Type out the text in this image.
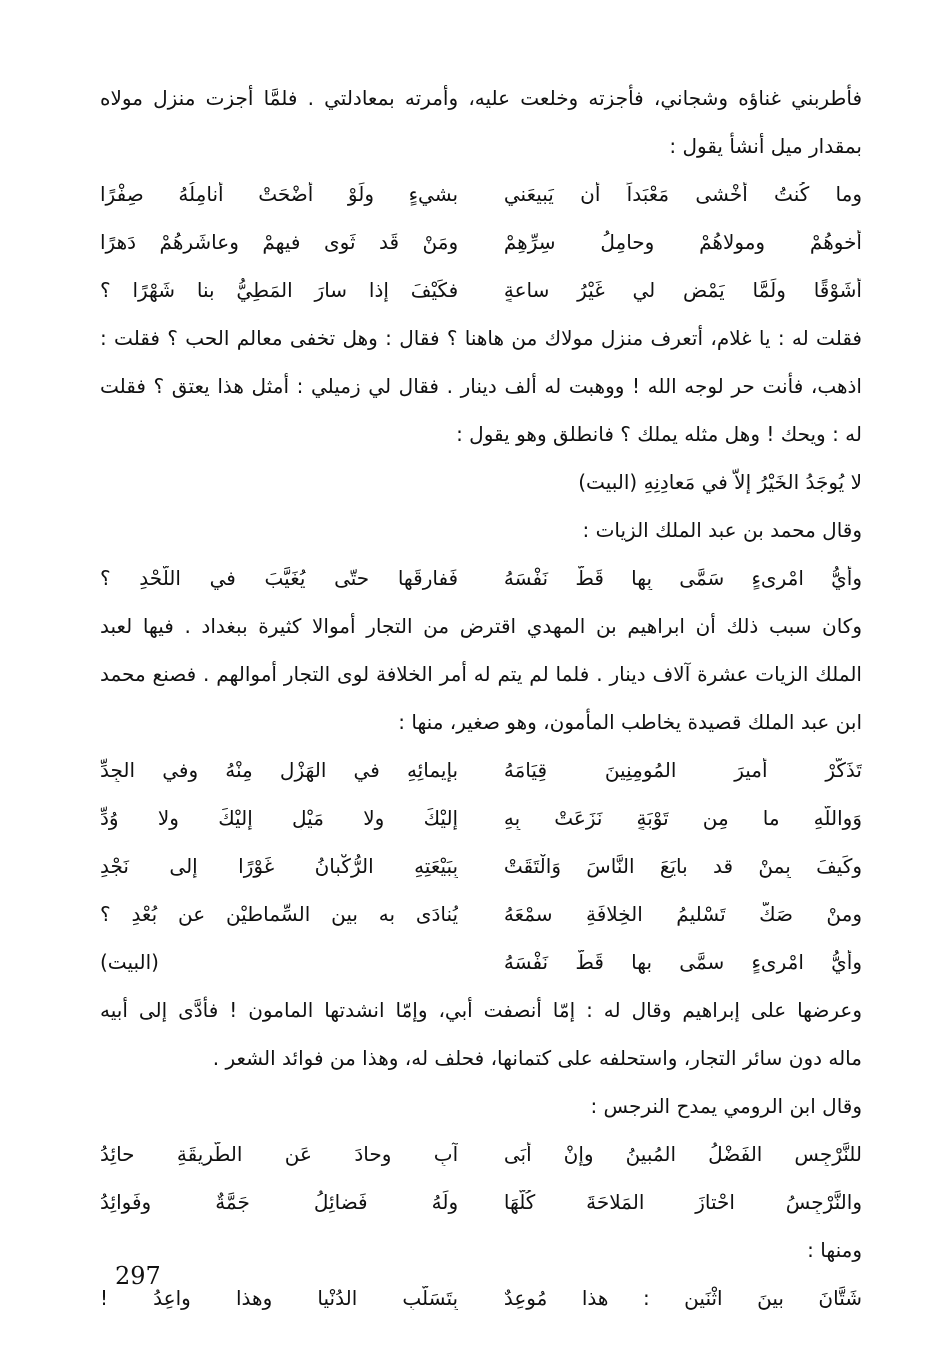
فأطربني غناؤه وشجاني، فأجزته وخلعت عليه، وأمرته بمعادلتي . فلمَّا أجزت منزل مولاه
بمقدار ميل أنشأ يقول :
وما كُنتُ أخْشى مَعْبَداً أن يَبيعَني
بشيءٍ ولَوْ أضْحَتْ أنامِلُهُ صِفْرًا
أخوهُمْ ومولاهُمْ وحامِلُ سِرِّهِمْ
ومَنْ قَد ثَوى فيهِمْ وعاشَرهُمْ دَهرًا
أشَوْقًا ولَمَّا يَمْضِ لي غَيْرُ ساعةٍ
فكَيْفَ إذا سارَ المَطِيُّ بنا شَهْرًا ؟
فقلت له : يا غلام، أتعرف منزل مولاك من هاهنا ؟ فقال : وهل تخفى معالم الحب ؟ فقلت :
اذهب، فأنت حر لوجه الله ! ووهبت له ألف دينار . فقال لي زميلي : أمثل هذا يعتق ؟ فقلت
له : ويحك ! وهل مثله يملك ؟ فانطلق وهو يقول :
لا يُوجَدُ الخَيْرُ إلاّ في مَعادِنِهِ (البيت)
وقال محمد بن عبد الملك الزيات :
وأيُّ امْرِىءٍ سَمَّى بِها قَطُّ نَفْسَهُ
فَفارقَها حتّى يُغَيَّبَ في اللَّحْدِ ؟
وكان سبب ذلك أن ابراهيم بن المهدي اقترض من التجار أموالا كثيرة ببغداد . فيها لعبد
الملك الزيات عشرة آلاف دينار . فلما لم يتم له أمر الخلافة لوى التجار أموالهم . فصنع محمد
ابن عبد الملك قصيدة يخاطب المأمون، وهو صغير، منها :
تَذَكَّرْ أميرَ المُومِنِينَ قِيَامَهُ
بإيمائِهِ في الهَزْلِ مِنْهُ وفي الجِدِّ
وَواللّهِ ما مِن تَوْبَةٍ نَزَعَتْ بِهِ
إليْكَ ولا مَيْلٍ إليْكَ ولا وُدِّ
وكَيفَ بِمنْ قد بايَعَ النَّاسَ وَالْتَقَتْ
بِبَيْعَتِهِ الرُّكْبانُ غَوْرًا إلى نَجْدِ
ومنْ صَكَّ تَسْليمُ الخِلافَةِ سمْعَهُ
يُنادَى به بين السِّماطيْنِ عن بُعْدِ ؟
وأيُّ امْرِىءٍ سمَّى بها قَطُّ نَفْسَهُ
(البيت)
وعرضها على إبراهيم وقال له : إمّا أنصفت أبي، وإمّا انشدتها المامون ! فأدَّى إلى أبيه
ماله دون سائر التجار، واستحلفه على كتمانها، فحلف له، وهذا من فوائد الشعر .
وقال ابن الرومي يمدح النرجس :
للنَّرْجِسِ الفَضْلُ المُبينُ وإنْ أبَى
آبٍ وحادَ عَنِ الطَّريقَةِ حائِدُ
والنَّرْجِسُ احْتازَ المَلاحَةَ كُلَّهَا
ولَهُ فَضائِلُ جَمَّةٌ وفَوائِدُ
ومنها :
شَتَّانَ بينَ اثْنَينِ : هذا مُوعِدٌ
بِتَسَلُّبِ الدُنْيا وهذا واعِدُ !
297
